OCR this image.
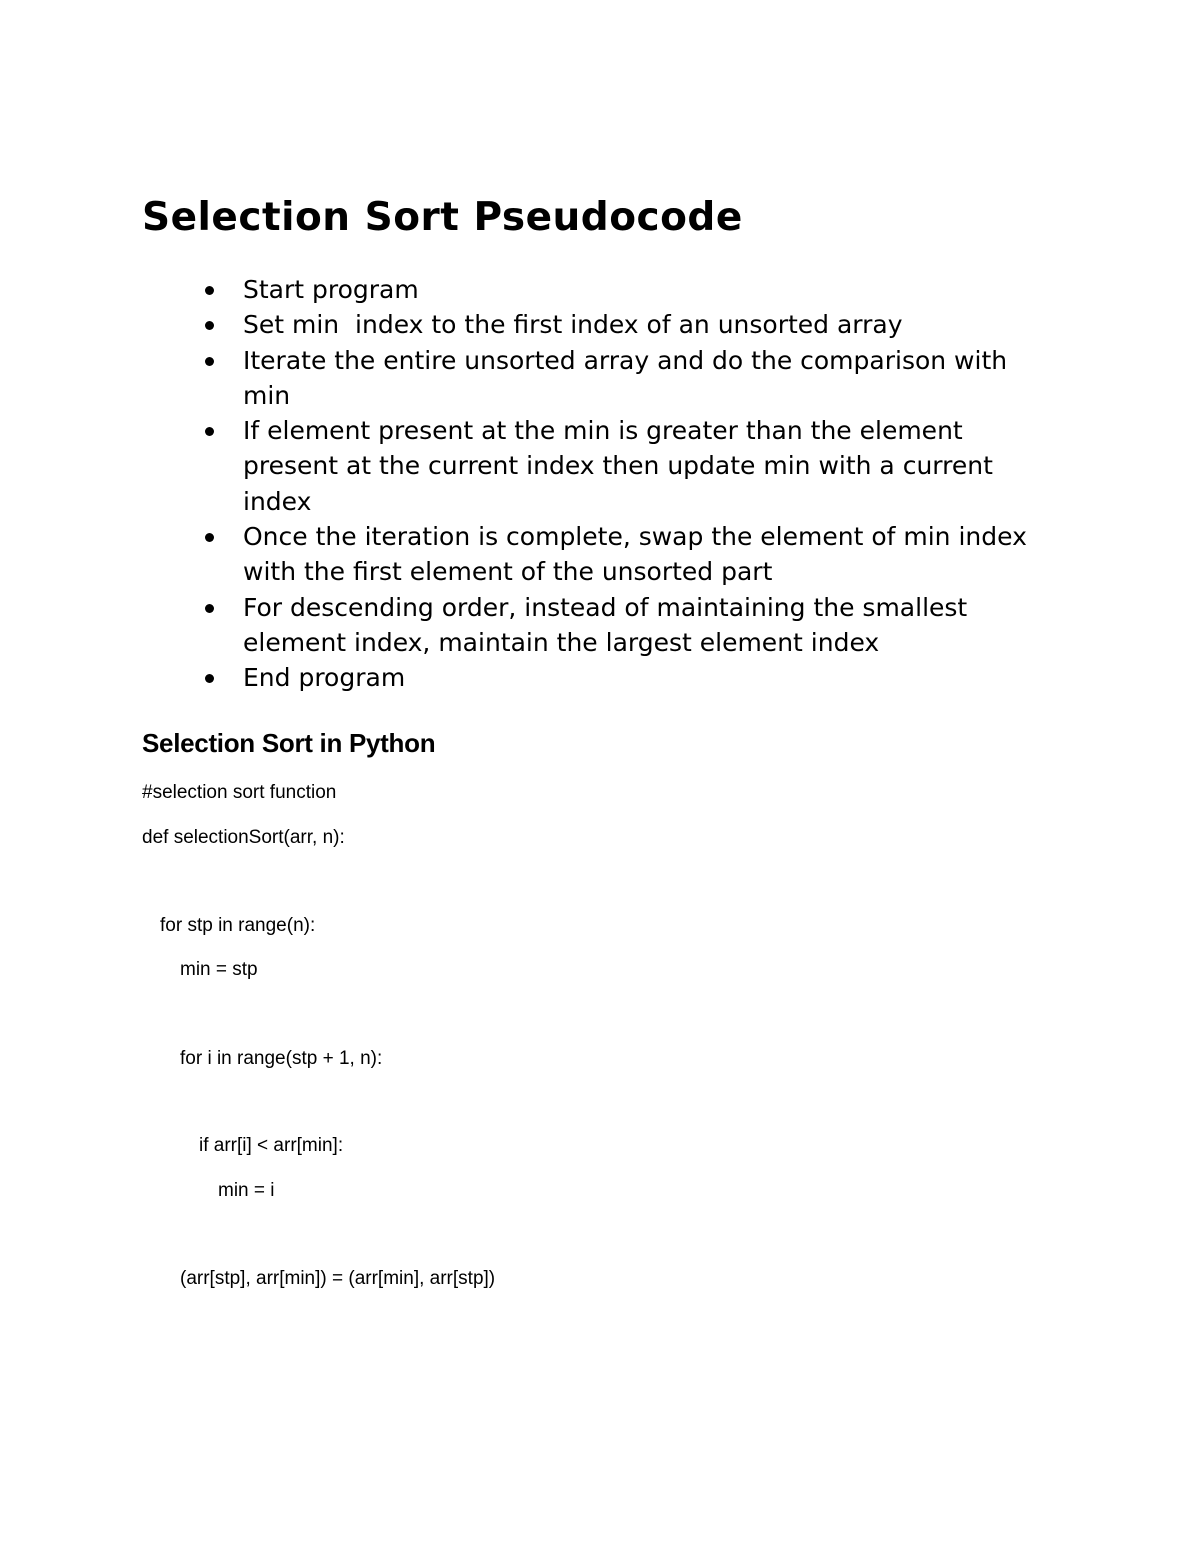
Selection Sort Pseudocode
Start program
Set min  index to the first index of an unsorted array
Iterate the entire unsorted array and do the comparison with min
If element present at the min is greater than the element present at the current index then update min with a current index
Once the iteration is complete, swap the element of min index with the first element of the unsorted part
For descending order, instead of maintaining the smallest element index, maintain the largest element index
End program
Selection Sort in Python

#selection sort function

def selectionSort(arr, n):

for stp in range(n):

min = stp

for i in range(stp + 1, n):

if arr[i] < arr[min]:

min = i

(arr[stp], arr[min]) = (arr[min], arr[stp])
